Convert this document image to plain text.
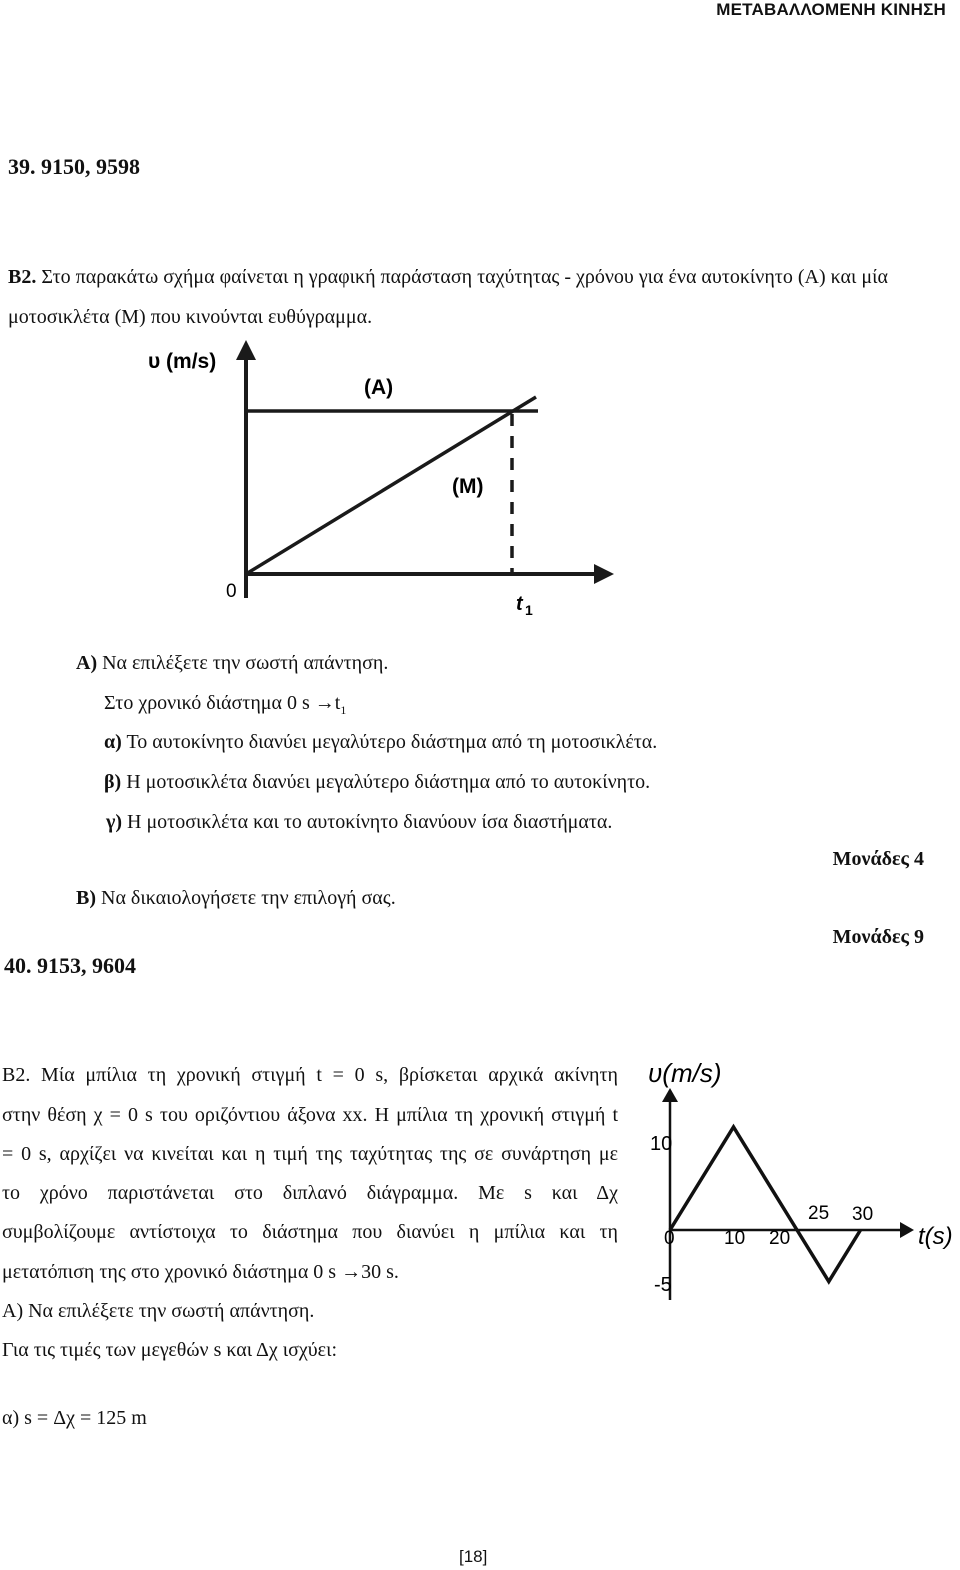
ΜΕΤΑΒΑΛΛΟΜΕΝΗ ΚΙΝΗΣΗ
39. 9150, 9598
Β2. Στο παρακάτω σχήμα φαίνεται η γραφική παράσταση ταχύτητας - χρόνου για ένα αυτοκίνητο (Α) και μία
μοτοσικλέτα (Μ) που κινούνται ευθύγραμμα.
υ (m/s)
(Α)
(Μ)
0
t 1
Α) Να επιλέξετε την σωστή απάντηση.
Στο χρονικό διάστημα 0 $s \to t_1$
α) Το αυτοκίνητο διανύει μεγαλύτερο διάστημα από τη μοτοσικλέτα.
β) Η μοτοσικλέτα διανύει μεγαλύτερο διάστημα από το αυτοκίνητο.
γ) Η μοτοσικλέτα και το αυτοκίνητο διανύουν ίσα διαστήματα.
Μονάδες 4
Β) Να δικαιολογήσετε την επιλογή σας.
Μονάδες 9
40. 9153, 9604
Β2. Μία μπίλια τη χρονική στιγμή t = 0 s, βρίσκεται αρχικά ακίνητη
στην θέση χ = 0 s του οριζόντιου άξονα xx. Η μπίλια τη χρονική στιγμή t
= 0 s, αρχίζει να κινείται και η τιμή της ταχύτητας της σε συνάρτηση με
το χρόνο παριστάνεται στο διπλανό διάγραμμα. Με s και Δχ
συμβολίζουμε αντίστοιχα το διάστημα που διανύει η μπίλια και τη
μετατόπιση της στο χρονικό διάστημα 0 s →30 s.
Α) Να επιλέξετε την σωστή απάντηση.
Για τις τιμές των μεγεθών s και Δχ ισχύει:
α) s = Δχ = 125 m
υ(m/s)
t(s)
10
-5
0	10 20
25 30
[18]
